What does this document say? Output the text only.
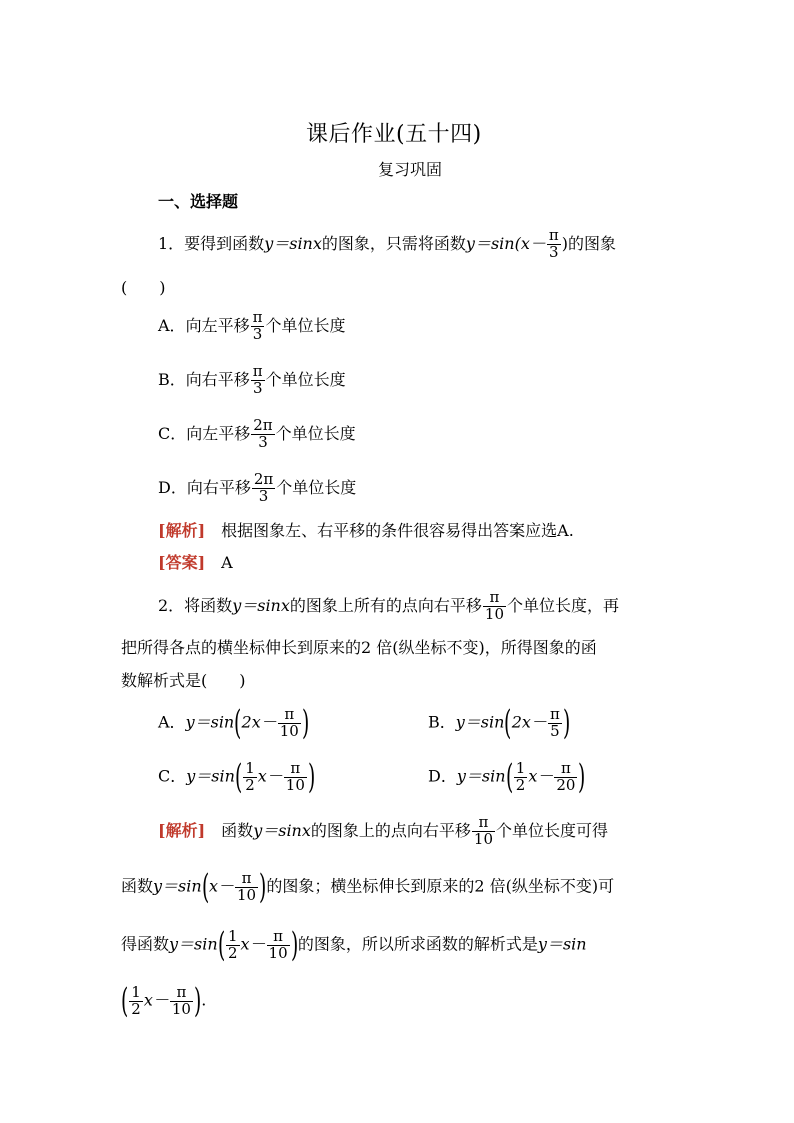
课后作业(五十四)
复习巩固
一、选择题
1．要得到函数y＝sinx的图象，只需将函数$y=\sin(x- \frac{\pi}{3}$ )的图象
(　　)
A．向左平移 $\frac{\pi}{3}$ 个单位长度
B．向右平移 $\frac{\pi}{3}$ 个单位长度
C．向左平移 $\frac{2\pi}{3}$ 个单位长度
D．向右平移 $\frac{2\pi}{3}$ 个单位长度
[解析]　 根据图象左、右平移的条件很容易得出答案应选A.
[答案]　 A
2．将函数y＝sinx的图象上所有的点向右平移 $\frac{\pi}{10}$ 个单位长度，再
把所得各点的横坐标伸长到原来的2 倍(纵坐标不变)，所得图象的函
数解析式是(　　)
A．$y=\sin(2x- \frac{\pi}{10}$ )	B．$y=\sin(2x- \frac{\pi}{5}$ )
C．$y=\sin( \frac{1}{2} x- \frac{\pi}{10}$ )	D．$y=\sin( \frac{1}{2} x- \frac{\pi}{20}$ )
[解析]　 函数y＝sinx的图象上的点向右平移 $\frac{\pi}{10}$ 个单位长度可得
函数$y=\sin(x- \frac{\pi}{10}$ )的图象；横坐标伸长到原来的2 倍(纵坐标不变)可
得函数$y=\sin( \frac{1}{2} x- \frac{\pi}{10}$ )的图象，所以所求函数的解析式是y＝sin
( $\frac{1}{2} x- \frac{\pi}{10}$ ).
